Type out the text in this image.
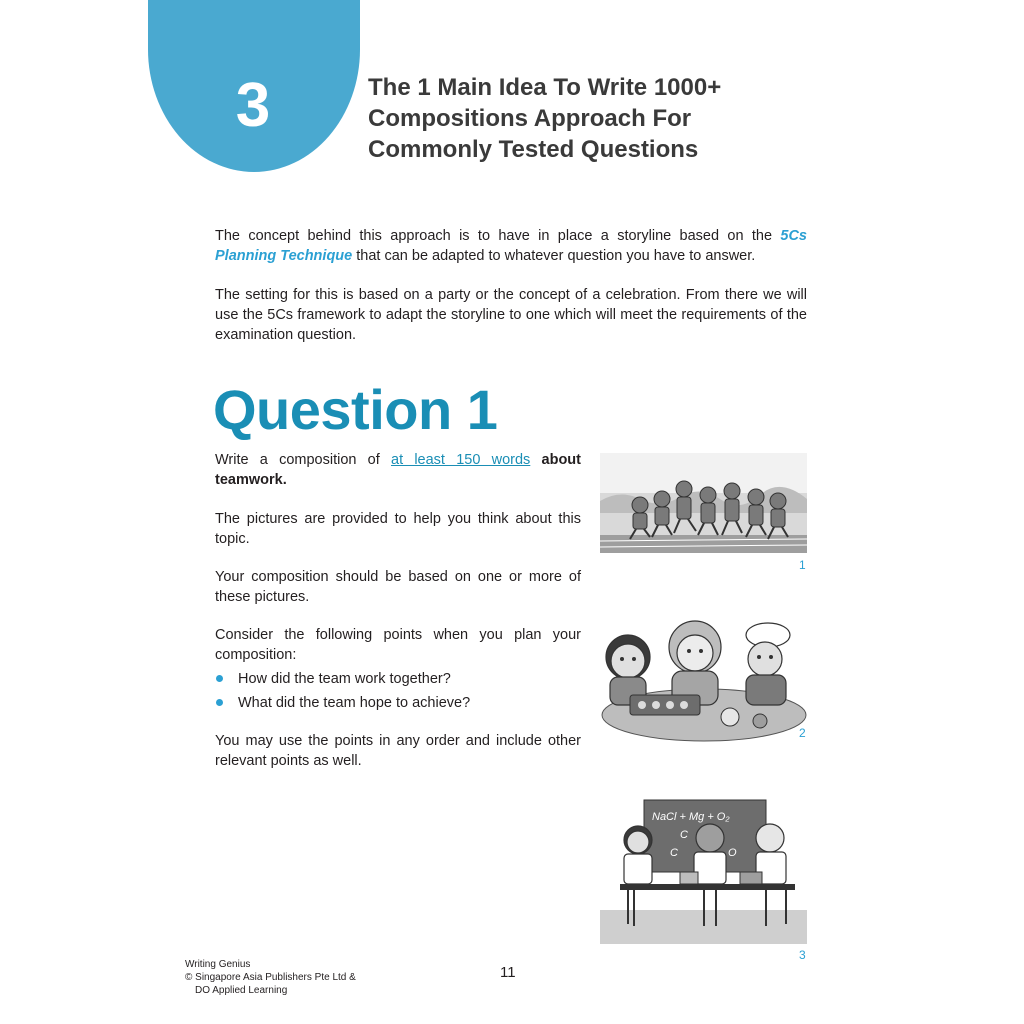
3	The 1 Main Idea To Write 1000+
Compositions Approach For
Commonly Tested Questions
The concept behind this approach is to have in place a storyline based on the 5Cs Planning Technique that can be adapted to whatever question you have to answer.
The setting for this is based on a party or the concept of a celebration. From there we will use the 5Cs framework to adapt the storyline to one which will meet the requirements of the examination question.
Question 1
Write a composition of at least 150 words about teamwork.
The pictures are provided to help you think about this topic.
Your composition should be based on one or more of these pictures.
Consider the following points when you plan your composition:
How did the team work together?
What did the team hope to achieve?
You may use the points in any order and include other relevant points as well.
1
2
NaCl + Mg + O₂
C
C	O
3
Writing Genius
© Singapore Asia Publishers Pte Ltd &
DO Applied Learning
11
